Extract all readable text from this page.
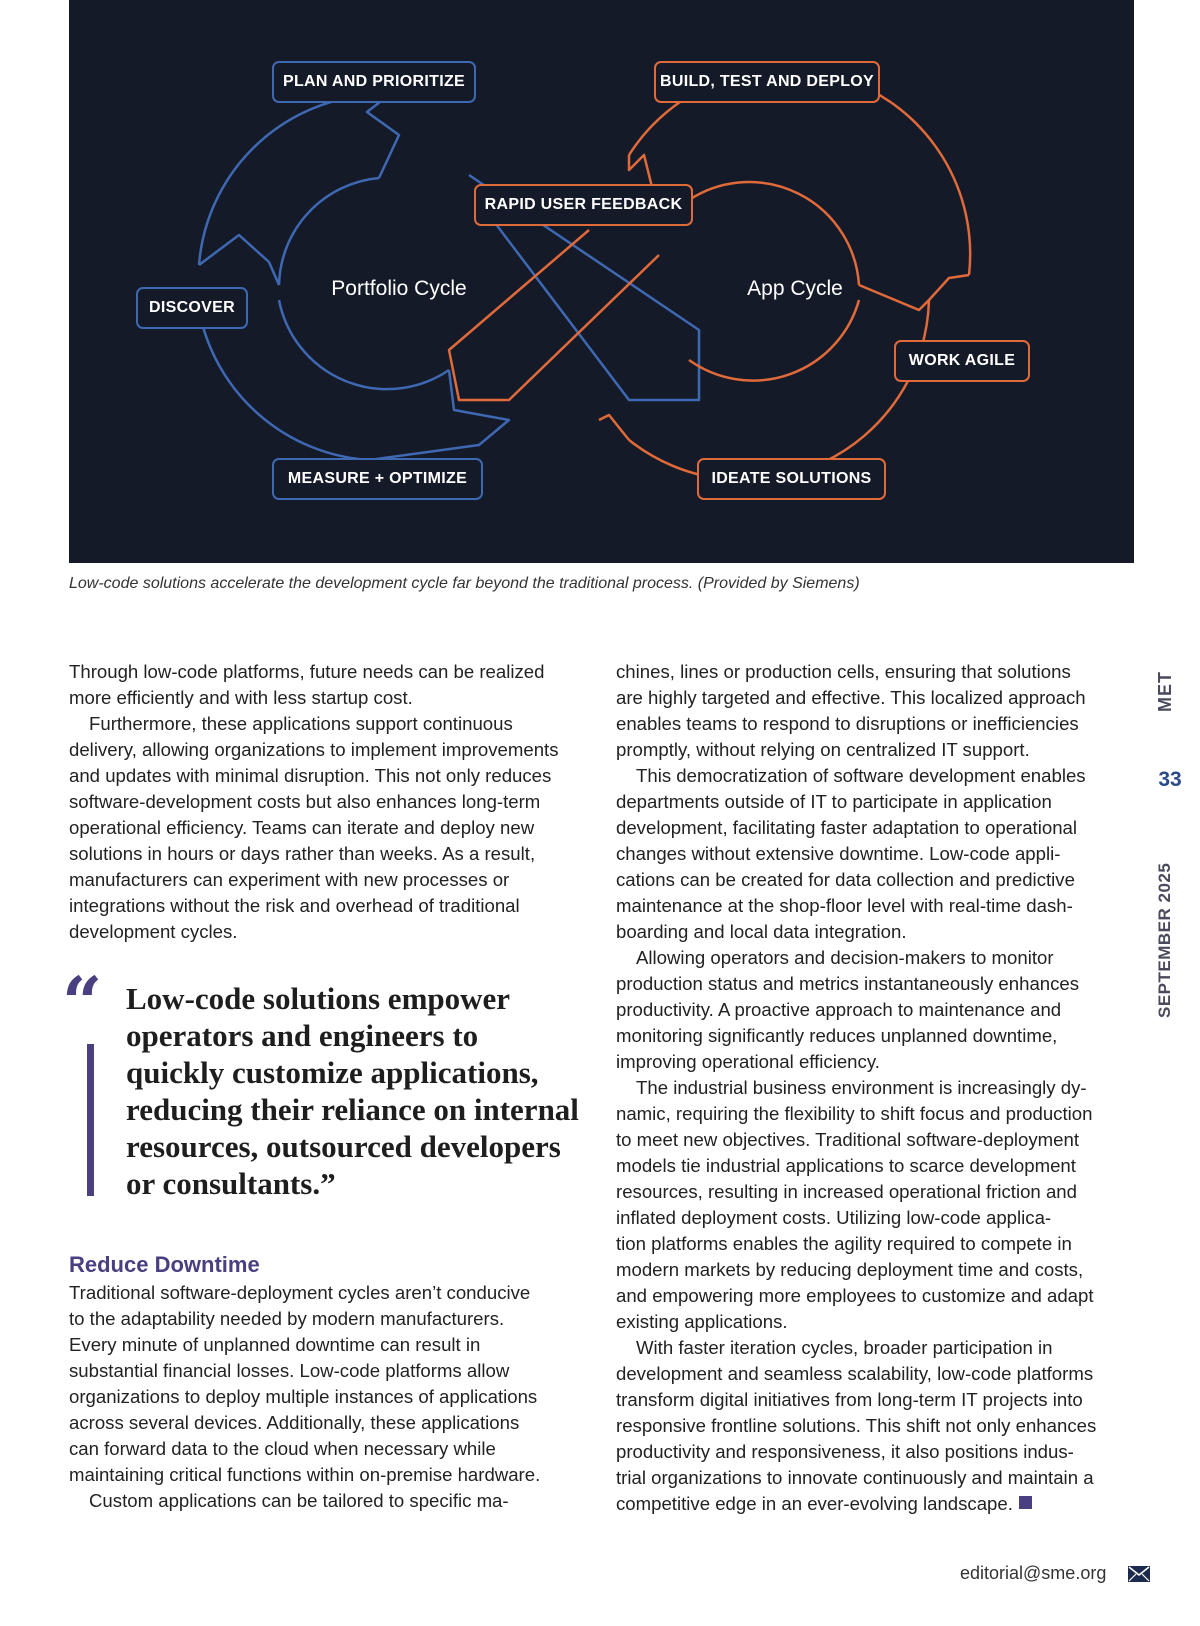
PLAN AND PRIORITIZE	BUILD, TEST AND DEPLOY
RAPID USER FEEDBACK
DISCOVER
WORK AGILE
MEASURE + OPTIMIZE	IDEATE SOLUTIONS
Portfolio Cycle	App Cycle
Low-code solutions accelerate the development cycle far beyond the traditional process. (Provided by Siemens)

Through low-code platforms, future needs can be realized

more efficiently and with less startup cost.

Furthermore, these applications support continuous

delivery, allowing organizations to implement improvements

and updates with minimal disruption. This not only reduces

software-development costs but also enhances long-term

operational efficiency. Teams can iterate and deploy new

solutions in hours or days rather than weeks. As a result,

manufacturers can experiment with new processes or

integrations without the risk and overhead of traditional

development cycles.

“ Low-code solutions empower

operators and engineers to

quickly customize applications,

reducing their reliance on internal

resources, outsourced developers

or consultants.”

Reduce Downtime

Traditional software-deployment cycles aren’t conducive

to the adaptability needed by modern manufacturers.

Every minute of unplanned downtime can result in

substantial financial losses. Low-code platforms allow

organizations to deploy multiple instances of applications

across several devices. Additionally, these applications

can forward data to the cloud when necessary while

maintaining critical functions within on-premise hardware.

Custom applications can be tailored to specific ma-

chines, lines or production cells, ensuring that solutions

are highly targeted and effective. This localized approach

enables teams to respond to disruptions or inefficiencies

promptly, without relying on centralized IT support.

This democratization of software development enables

departments outside of IT to participate in application

development, facilitating faster adaptation to operational

changes without extensive downtime. Low-code appli-

cations can be created for data collection and predictive

maintenance at the shop-floor level with real-time dash-

boarding and local data integration.

Allowing operators and decision-makers to monitor

production status and metrics instantaneously enhances

productivity. A proactive approach to maintenance and

monitoring significantly reduces unplanned downtime,

improving operational efficiency.

The industrial business environment is increasingly dy-

namic, requiring the flexibility to shift focus and production

to meet new objectives. Traditional software-deployment

models tie industrial applications to scarce development

resources, resulting in increased operational friction and

inflated deployment costs. Utilizing low-code applica-

tion platforms enables the agility required to compete in

modern markets by reducing deployment time and costs,

and empowering more employees to customize and adapt

existing applications.

With faster iteration cycles, broader participation in

development and seamless scalability, low-code platforms

transform digital initiatives from long-term IT projects into

responsive frontline solutions. This shift not only enhances

productivity and responsiveness, it also positions indus-

trial organizations to innovate continuously and maintain a

competitive edge in an ever-evolving landscape.

MET
33
SEPTEMBER 2025
editorial@sme.org
